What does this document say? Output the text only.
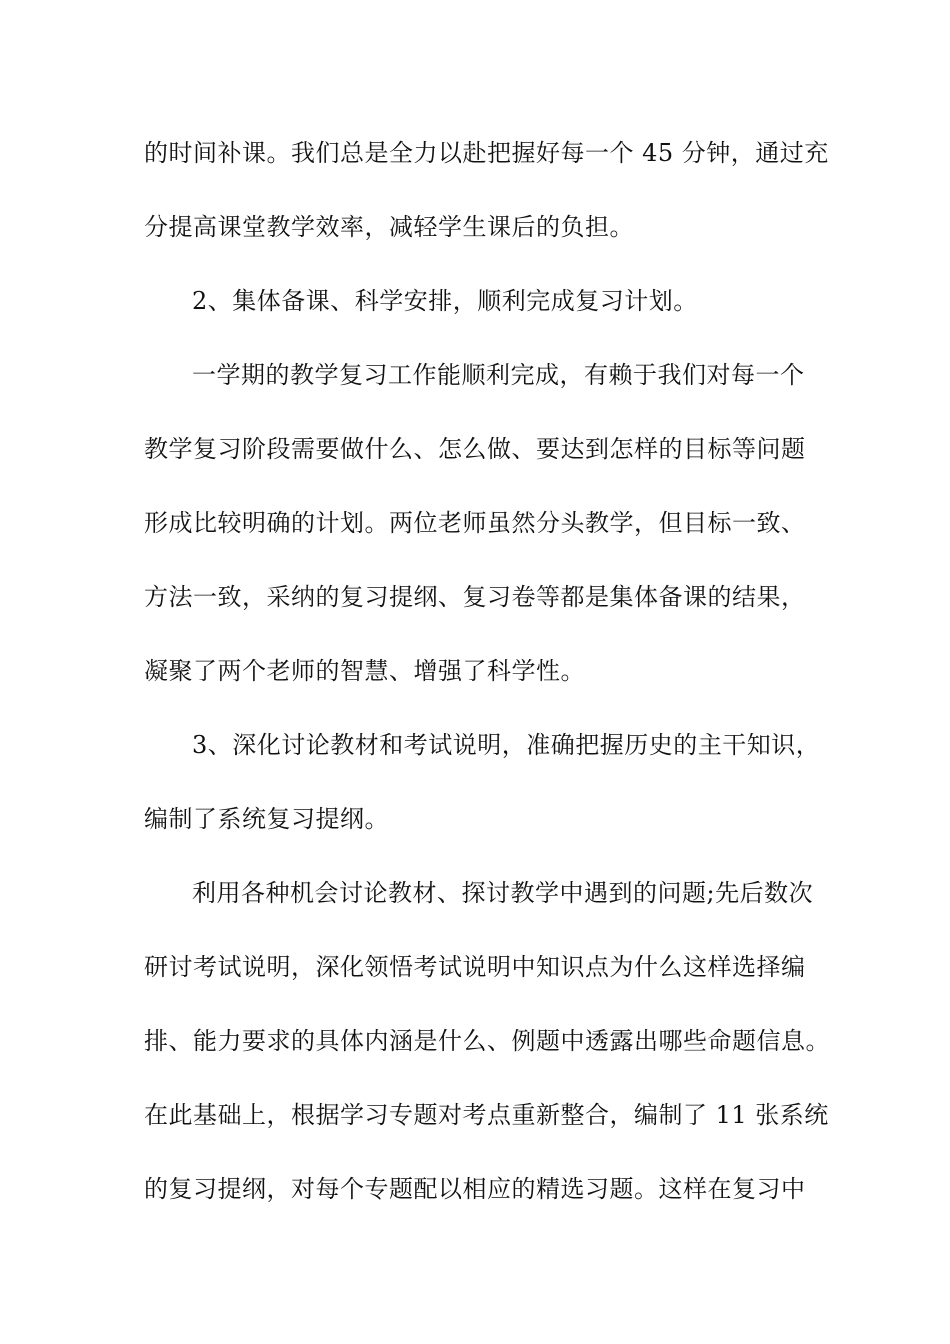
的时间补课。我们总是全力以赴把握好每一个 45 分钟，通过充
分提高课堂教学效率，减轻学生课后的负担。
2、集体备课、科学安排，顺利完成复习计划。
一学期的教学复习工作能顺利完成，有赖于我们对每一个
教学复习阶段需要做什么、怎么做、要达到怎样的目标等问题
形成比较明确的计划。两位老师虽然分头教学，但目标一致、
方法一致，采纳的复习提纲、复习卷等都是集体备课的结果，
凝聚了两个老师的智慧、增强了科学性。
3、深化讨论教材和考试说明，准确把握历史的主干知识，
编制了系统复习提纲。
利用各种机会讨论教材、探讨教学中遇到的问题;先后数次
研讨考试说明，深化领悟考试说明中知识点为什么这样选择编
排、能力要求的具体内涵是什么、例题中透露出哪些命题信息。
在此基础上，根据学习专题对考点重新整合，编制了 11 张系统
的复习提纲，对每个专题配以相应的精选习题。这样在复习中
